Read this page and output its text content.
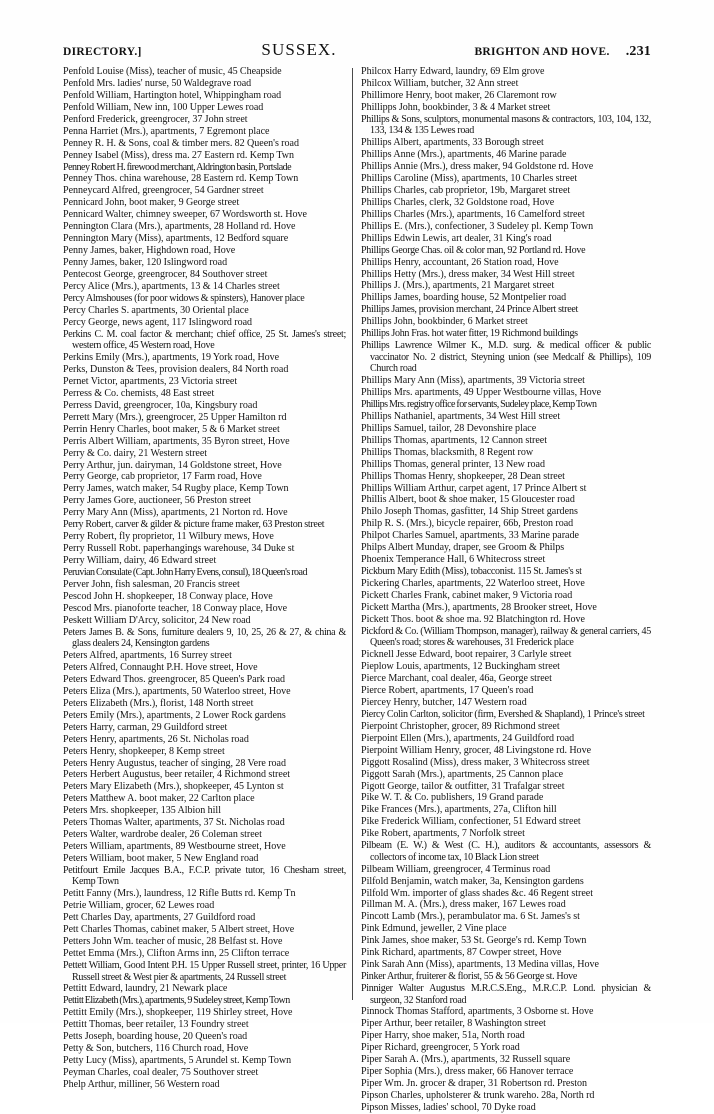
DIRECTORY.]	SUSSEX.	BRIGHTON AND HOVE. .231

Penfold Louise (Miss), teacher of music, 45 Cheapside

Penfold Mrs. ladies' nurse, 50 Waldegrave road

Penfold William, Hartington hotel, Whippingham road

Penfold William, New inn, 100 Upper Lewes road

Penford Frederick, greengrocer, 37 John street

Penna Harriet (Mrs.), apartments, 7 Egremont place

Penney R. H. & Sons, coal & timber mers. 82 Queen's road

Penney Isabel (Miss), dress ma. 27 Eastern rd. Kemp Twn

Penney Robert H. firewood merchant, Aldrington basin, Portslade

Penney Thos. china warehouse, 28 Eastern rd. Kemp Town

Penneycard Alfred, greengrocer, 54 Gardner street

Pennicard John, boot maker, 9 George street

Pennicard Walter, chimney sweeper, 67 Wordsworth st. Hove

Pennington Clara (Mrs.), apartments, 28 Holland rd. Hove

Pennington Mary (Miss), apartments, 12 Bedford square

Penny James, baker, Highdown road, Hove

Penny James, baker, 120 Islingword road

Pentecost George, greengrocer, 84 Southover street

Percy Alice (Mrs.), apartments, 13 & 14 Charles street

Percy Almshouses (for poor widows & spinsters), Hanover place

Percy Charles S. apartments, 30 Oriental place

Percy George, news agent, 117 Islingword road

Perkins C. M. coal factor & merchant; chief office, 25 St. James's street; western office, 45 Western road, Hove

Perkins Emily (Mrs.), apartments, 19 York road, Hove

Perks, Dunston & Tees, provision dealers, 84 North road

Pernet Victor, apartments, 23 Victoria street

Perress & Co. chemists, 48 East street

Perress David, greengrocer, 10a, Kingsbury road

Perrett Mary (Mrs.), greengrocer, 25 Upper Hamilton rd

Perrin Henry Charles, boot maker, 5 & 6 Market street

Perris Albert William, apartments, 35 Byron street, Hove

Perry & Co. dairy, 21 Western street

Perry Arthur, jun. dairyman, 14 Goldstone street, Hove

Perry George, cab proprietor, 17 Farm road, Hove

Perry James, watch maker, 54 Rugby place, Kemp Town

Perry James Gore, auctioneer, 56 Preston street

Perry Mary Ann (Miss), apartments, 21 Norton rd. Hove

Perry Robert, carver & gilder & picture frame maker, 63 Preston street

Perry Robert, fly proprietor, 11 Wilbury mews, Hove

Perry Russell Robt. paperhangings warehouse, 34 Duke st

Perry William, dairy, 46 Edward street

Peruvian Consulate (Capt. John Harry Evens, consul), 18 Queen's road

Perver John, fish salesman, 20 Francis street

Pescod John H. shopkeeper, 18 Conway place, Hove

Pescod Mrs. pianoforte teacher, 18 Conway place, Hove

Peskett William D'Arcy, solicitor, 24 New road

Peters James B. & Sons, furniture dealers 9, 10, 25, 26 & 27, & china & glass dealers 24, Kensington gardens

Peters Alfred, apartments, 16 Surrey street

Peters Alfred, Connaught P.H. Hove street, Hove

Peters Edward Thos. greengrocer, 85 Queen's Park road

Peters Eliza (Mrs.), apartments, 50 Waterloo street, Hove

Peters Elizabeth (Mrs.), florist, 148 North street

Peters Emily (Mrs.), apartments, 2 Lower Rock gardens

Peters Harry, carman, 29 Guildford street

Peters Henry, apartments, 26 St. Nicholas road

Peters Henry, shopkeeper, 8 Kemp street

Peters Henry Augustus, teacher of singing, 28 Vere road

Peters Herbert Augustus, beer retailer, 4 Richmond street

Peters Mary Elizabeth (Mrs.), shopkeeper, 45 Lynton st

Peters Matthew A. boot maker, 22 Carlton place

Peters Mrs. shopkeeper, 135 Albion hill

Peters Thomas Walter, apartments, 37 St. Nicholas road

Peters Walter, wardrobe dealer, 26 Coleman street

Peters William, apartments, 89 Westbourne street, Hove

Peters William, boot maker, 5 New England road

Petitfourt Emile Jacques B.A., F.C.P. private tutor, 16 Chesham street, Kemp Town

Petitt Fanny (Mrs.), laundress, 12 Rifle Butts rd. Kemp Tn

Petrie William, grocer, 62 Lewes road

Pett Charles Day, apartments, 27 Guildford road

Pett Charles Thomas, cabinet maker, 5 Albert street, Hove

Petters John Wm. teacher of music, 28 Belfast st. Hove

Pettet Emma (Mrs.), Clifton Arms inn, 25 Clifton terrace

Pettett William, Good Intent P.H. 15 Upper Russell street, printer, 16 Upper Russell street & West pier & apartments, 24 Russell street

Pettitt Edward, laundry, 21 Newark place

Pettitt Elizabeth (Mrs.), apartments, 9 Sudeley street, Kemp Town

Pettitt Emily (Mrs.), shopkeeper, 119 Shirley street, Hove

Pettitt Thomas, beer retailer, 13 Foundry street

Petts Joseph, boarding house, 20 Queen's road

Petty & Son, butchers, 116 Church road, Hove

Petty Lucy (Miss), apartments, 5 Arundel st. Kemp Town

Peyman Charles, coal dealer, 75 Southover street

Phelp Arthur, milliner, 56 Western road

Philcox Harry Edward, laundry, 69 Elm grove

Philcox William, butcher, 32 Ann street

Phillimore Henry, boot maker, 26 Claremont row

Phillipps John, bookbinder, 3 & 4 Market street

Phillips & Sons, sculptors, monumental masons & contractors, 103, 104, 132, 133, 134 & 135 Lewes road

Phillips Albert, apartments, 33 Borough street

Phillips Anne (Mrs.), apartments, 46 Marine parade

Phillips Annie (Mrs.), dress maker, 94 Goldstone rd. Hove

Phillips Caroline (Miss), apartments, 10 Charles street

Phillips Charles, cab proprietor, 19b, Margaret street

Phillips Charles, clerk, 32 Goldstone road, Hove

Phillips Charles (Mrs.), apartments, 16 Camelford street

Phillips E. (Mrs.), confectioner, 3 Sudeley pl. Kemp Town

Phillips Edwin Lewis, art dealer, 31 King's road

Phillips George Chas. oil & color man, 92 Portland rd. Hove

Phillips Henry, accountant, 26 Station road, Hove

Phillips Hetty (Mrs.), dress maker, 34 West Hill street

Phillips J. (Mrs.), apartments, 21 Margaret street

Phillips James, boarding house, 52 Montpelier road

Phillips James, provision merchant, 24 Prince Albert street

Phillips John, bookbinder, 6 Market street

Phillips John Fras. hot water fitter, 19 Richmond buildings

Phillips Lawrence Wilmer K., M.D. surg. & medical officer & public vaccinator No. 2 district, Steyning union (see Medcalf & Phillips), 109 Church road

Phillips Mary Ann (Miss), apartments, 39 Victoria street

Phillips Mrs. apartments, 49 Upper Westbourne villas, Hove

Phillips Mrs. registry office for servants, Sudeley place, Kemp Town

Phillips Nathaniel, apartments, 34 West Hill street

Phillips Samuel, tailor, 28 Devonshire place

Phillips Thomas, apartments, 12 Cannon street

Phillips Thomas, blacksmith, 8 Regent row

Phillips Thomas, general printer, 13 New road

Phillips Thomas Henry, shopkeeper, 28 Dean street

Phillips William Arthur, carpet agent, 17 Prince Albert st

Phillis Albert, boot & shoe maker, 15 Gloucester road

Philo Joseph Thomas, gasfitter, 14 Ship Street gardens

Philp R. S. (Mrs.), bicycle repairer, 66b, Preston road

Philpot Charles Samuel, apartments, 33 Marine parade

Philps Albert Munday, draper, see Groom & Philps

Phoenix Temperance Hall, 6 Whitecross street

Pickburn Mary Edith (Miss), tobacconist. 115 St. James's st

Pickering Charles, apartments, 22 Waterloo street, Hove

Pickett Charles Frank, cabinet maker, 9 Victoria road

Pickett Martha (Mrs.), apartments, 28 Brooker street, Hove

Pickett Thos. boot & shoe ma. 92 Blatchington rd. Hove

Pickford & Co. (William Thompson, manager), railway & general carriers, 45 Queen's road; stores & warehouses, 31 Frederick place

Picknell Jesse Edward, boot repairer, 3 Carlyle street

Pieplow Louis, apartments, 12 Buckingham street

Pierce Marchant, coal dealer, 46a, George street

Pierce Robert, apartments, 17 Queen's road

Piercey Henry, butcher, 147 Western road

Piercy Colin Carlton, solicitor (firm, Evershed & Shapland), 1 Prince's street

Pierpoint Christopher, grocer, 89 Richmond street

Pierpoint Ellen (Mrs.), apartments, 24 Guildford road

Pierpoint William Henry, grocer, 48 Livingstone rd. Hove

Piggott Rosalind (Miss), dress maker, 3 Whitecross street

Piggott Sarah (Mrs.), apartments, 25 Cannon place

Pigott George, tailor & outfitter, 31 Trafalgar street

Pike W. T. & Co. publishers, 19 Grand parade

Pike Frances (Mrs.), apartments, 27a, Clifton hill

Pike Frederick William, confectioner, 51 Edward street

Pike Robert, apartments, 7 Norfolk street

Pilbeam (E. W.) & West (C. H.), auditors & accountants, assessors & collectors of income tax, 10 Black Lion street

Pilbeam William, greengrocer, 4 Terminus road

Pilfold Benjamin, watch maker, 3a, Kensington gardens

Pilfold Wm. importer of glass shades &c. 46 Regent street

Pillman M. A. (Mrs.), dress maker, 167 Lewes road

Pincott Lamb (Mrs.), perambulator ma. 6 St. James's st

Pink Edmund, jeweller, 2 Vine place

Pink James, shoe maker, 53 St. George's rd. Kemp Town

Pink Richard, apartments, 87 Cowper street, Hove

Pink Sarah Ann (Miss), apartments, 13 Medina villas, Hove

Pinker Arthur, fruiterer & florist, 55 & 56 George st. Hove

Pinniger Walter Augustus M.R.C.S.Eng., M.R.C.P. Lond. physician & surgeon, 32 Stanford road

Pinnock Thomas Stafford, apartments, 3 Osborne st. Hove

Piper Arthur, beer retailer, 8 Washington street

Piper Harry, shoe maker, 51a, North road

Piper Richard, greengrocer, 5 York road

Piper Sarah A. (Mrs.), apartments, 32 Russell square

Piper Sophia (Mrs.), dress maker, 66 Hanover terrace

Piper Wm. Jn. grocer & draper, 31 Robertson rd. Preston

Pipson Charles, upholsterer & trunk wareho. 28a, North rd

Pipson Misses, ladies' school, 70 Dyke road
